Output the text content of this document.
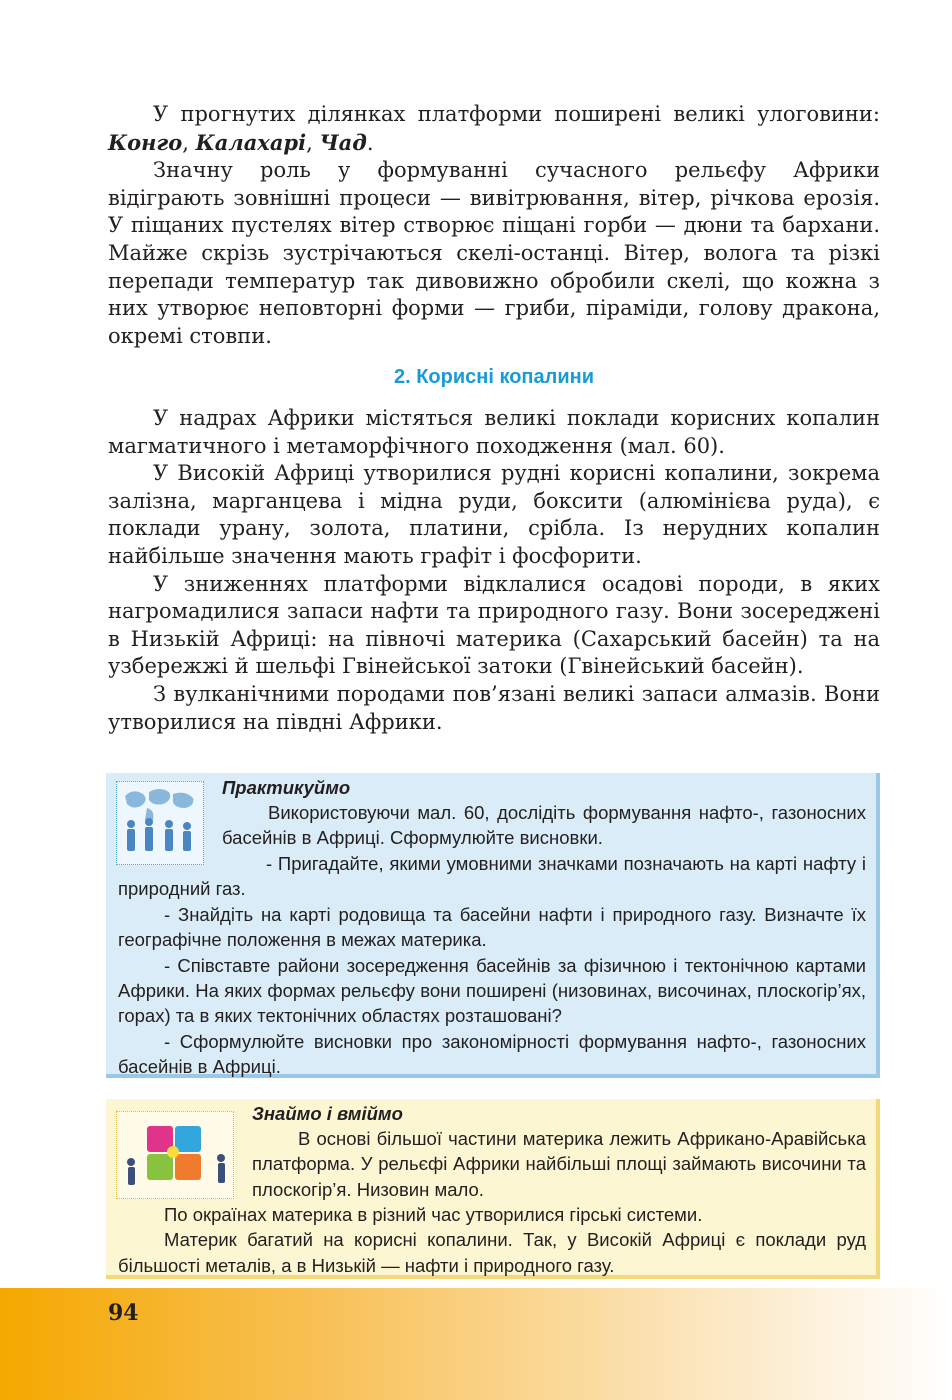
У прогнутих ділянках платформи поширені великі улоговини: Конго, Калахарі, Чад.

Значну роль у формуванні сучасного рельєфу Африки відіграють зовнішні процеси — вивітрювання, вітер, річкова ерозія. У піщаних пустелях вітер створює піщані горби — дюни та бархани. Майже скрізь зустрічаються скелі-останці. Вітер, волога та різкі перепади температур так дивовижно обробили скелі, що кожна з них утворює неповторні форми — гриби, піраміди, голову дракона, окремі стовпи.

2. Корисні копалини

У надрах Африки містяться великі поклади корисних копалин магматичного і метаморфічного походження (мал. 60).

У Високій Африці утворилися рудні корисні копалини, зокрема залізна, марганцева і мідна руди, боксити (алюмінієва руда), є поклади урану, золота, платини, срібла. Із нерудних копалин найбільше значення мають графіт і фосфорити.

У зниженнях платформи відклалися осадові породи, в яких нагромадилися запаси нафти та природного газу. Вони зосереджені в Низькій Африці: на півночі материка (Сахарський басейн) та на узбережжі й шельфі Гвінейської затоки (Гвінейський басейн).

З вулканічними породами пов’язані великі запаси алмазів. Вони утворилися на півдні Африки.

Практикуймо
Використовуючи мал. 60, дослідіть формування нафто-, газоносних басейнів в Африці. Сформулюйте висновки.
- Пригадайте, якими умовними значками позначають на карті нафту і природний газ.
- Знайдіть на карті родовища та басейни нафти і природного газу. Визначте їх географічне положення в межах материка.
- Співставте райони зосередження басейнів за фізичною і тектонічною картами Африки. На яких формах рельєфу вони поширені (низовинах, височинах, плоскогір’ях, горах) та в яких тектонічних областях розташовані?
- Сформулюйте висновки про закономірності формування нафто-, газоносних басейнів в Африці.
Знаймо і вміймо
В основі більшої частини материка лежить Африкано-Аравійська платформа. У рельєфі Африки найбільші площі займають височини та плоскогір’я. Низовин мало.
По окраїнах материка в різний час утворилися гірські системи.
Материк багатий на корисні копалини. Так, у Високій Африці є поклади руд більшості металів, а в Низькій — нафти і природного газу.
94
